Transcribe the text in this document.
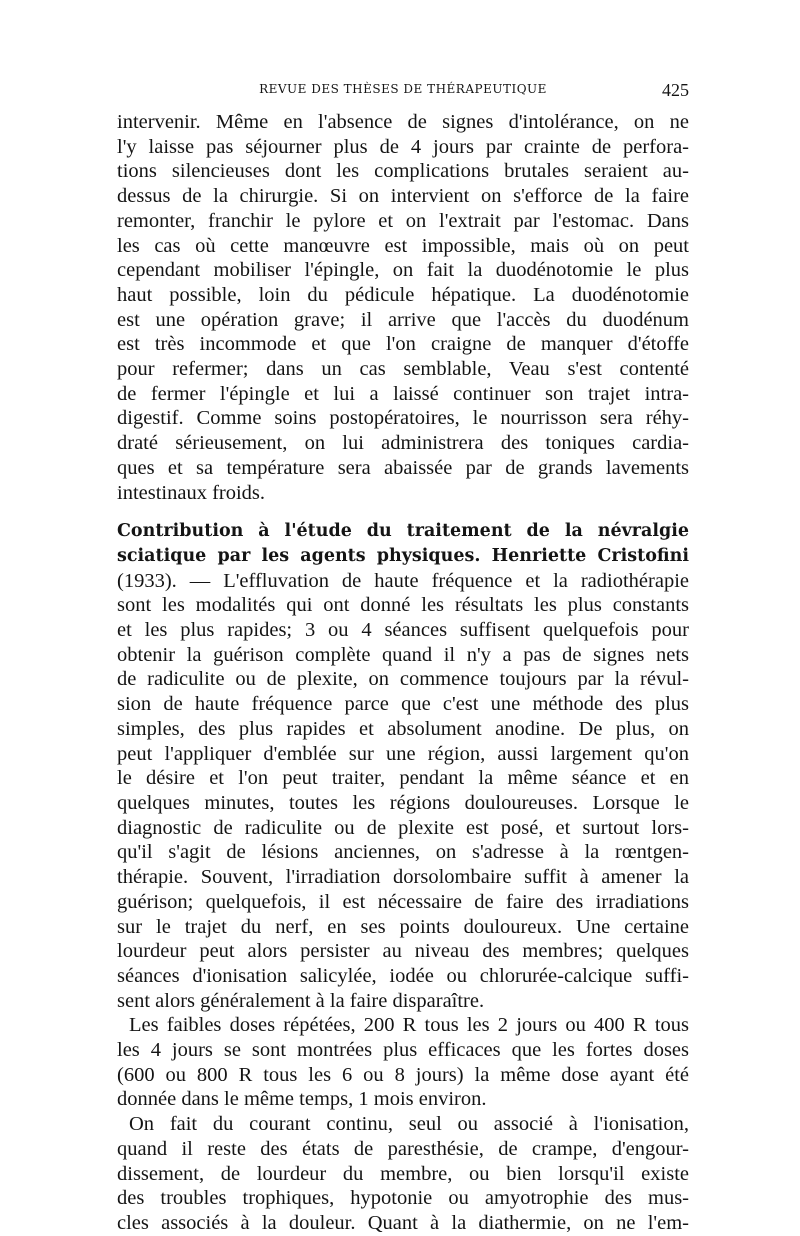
REVUE DES THÈSES DE THÉRAPEUTIQUE	425

intervenir. Même en l'absence de signes d'intolérance, on ne
l'y laisse pas séjourner plus de 4 jours par crainte de perfora-
tions silencieuses dont les complications brutales seraient au-
dessus de la chirurgie. Si on intervient on s'efforce de la faire
remonter, franchir le pylore et on l'extrait par l'estomac. Dans
les cas où cette manœuvre est impossible, mais où on peut
cependant mobiliser l'épingle, on fait la duodénotomie le plus
haut possible, loin du pédicule hépatique. La duodénotomie
est une opération grave; il arrive que l'accès du duodénum
est très incommode et que l'on craigne de manquer d'étoffe
pour refermer; dans un cas semblable, Veau s'est contenté
de fermer l'épingle et lui a laissé continuer son trajet intra-
digestif. Comme soins postopératoires, le nourrisson sera réhy-
draté sérieusement, on lui administrera des toniques cardia-
ques et sa température sera abaissée par de grands lavements
intestinaux froids.

Contribution à l'étude du traitement de la névralgie
sciatique par les agents physiques. Henriette Cristofini
(1933). — L'effluvation de haute fréquence et la radiothérapie
sont les modalités qui ont donné les résultats les plus constants
et les plus rapides; 3 ou 4 séances suffisent quelquefois pour
obtenir la guérison complète quand il n'y a pas de signes nets
de radiculite ou de plexite, on commence toujours par la révul-
sion de haute fréquence parce que c'est une méthode des plus
simples, des plus rapides et absolument anodine. De plus, on
peut l'appliquer d'emblée sur une région, aussi largement qu'on
le désire et l'on peut traiter, pendant la même séance et en
quelques minutes, toutes les régions douloureuses. Lorsque le
diagnostic de radiculite ou de plexite est posé, et surtout lors-
qu'il s'agit de lésions anciennes, on s'adresse à la rœntgen-
thérapie. Souvent, l'irradiation dorsolombaire suffit à amener la
guérison; quelquefois, il est nécessaire de faire des irradiations
sur le trajet du nerf, en ses points douloureux. Une certaine
lourdeur peut alors persister au niveau des membres; quelques
séances d'ionisation salicylée, iodée ou chlorurée-calcique suffi-
sent alors généralement à la faire disparaître.

Les faibles doses répétées, 200 R tous les 2 jours ou 400 R tous
les 4 jours se sont montrées plus efficaces que les fortes doses
(600 ou 800 R tous les 6 ou 8 jours) la même dose ayant été
donnée dans le même temps, 1 mois environ.

On fait du courant continu, seul ou associé à l'ionisation,
quand il reste des états de paresthésie, de crampe, d'engour-
dissement, de lourdeur du membre, ou bien lorsqu'il existe
des troubles trophiques, hypotonie ou amyotrophie des mus-
cles associés à la douleur. Quant à la diathermie, on ne l'em-
